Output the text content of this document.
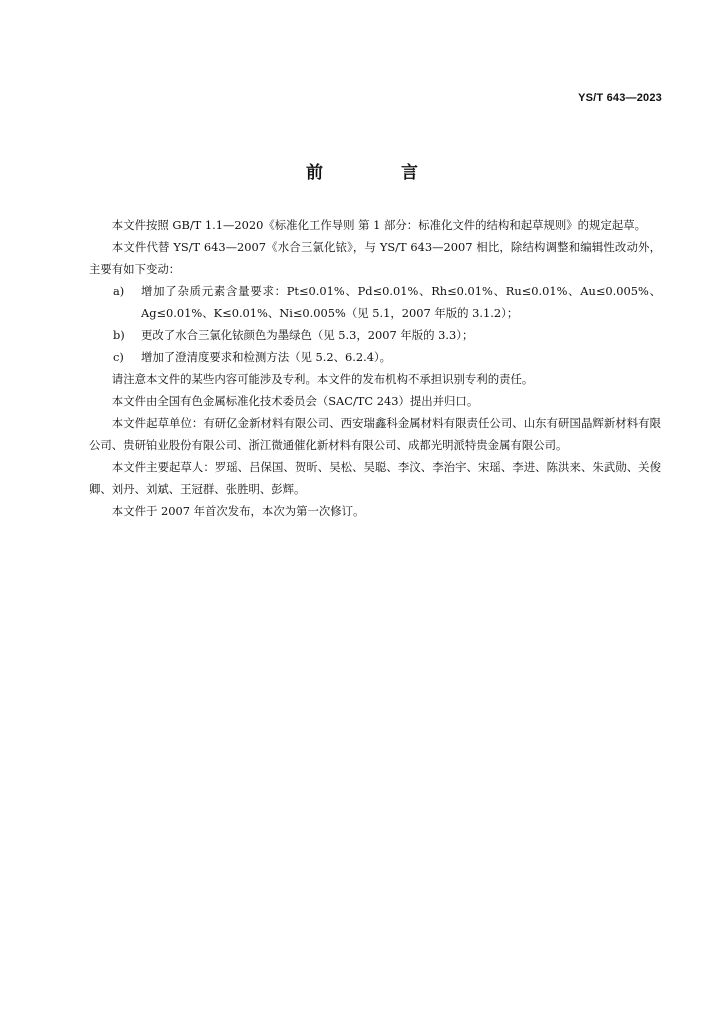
YS/T 643—2023
前 言

本文件按照 GB/T 1.1—2020《标准化工作导则 第 1 部分：标准化文件的结构和起草规则》的规定起草。

本文件代替 YS/T 643—2007《水合三氯化铱》，与 YS/T 643—2007 相比，除结构调整和编辑性改动外，主要有如下变动：

a) 增加了杂质元素含量要求：Pt≤0.01%、Pd≤0.01%、Rh≤0.01%、Ru≤0.01%、Au≤0.005%、Ag≤0.01%、K≤0.01%、Ni≤0.005%（见 5.1，2007 年版的 3.1.2）；

b) 更改了水合三氯化铱颜色为墨绿色（见 5.3，2007 年版的 3.3）；

c) 增加了澄清度要求和检测方法（见 5.2、6.2.4）。

请注意本文件的某些内容可能涉及专利。本文件的发布机构不承担识别专利的责任。

本文件由全国有色金属标准化技术委员会（SAC/TC 243）提出并归口。

本文件起草单位：有研亿金新材料有限公司、西安瑞鑫科金属材料有限责任公司、山东有研国晶辉新材料有限公司、贵研铂业股份有限公司、浙江微通催化新材料有限公司、成都光明派特贵金属有限公司。

本文件主要起草人：罗瑶、吕保国、贺昕、吴松、吴聪、李汶、李治宇、宋瑶、李进、陈洪来、朱武勋、关俊卿、刘丹、刘斌、王冠群、张胜明、彭辉。

本文件于 2007 年首次发布，本次为第一次修订。
